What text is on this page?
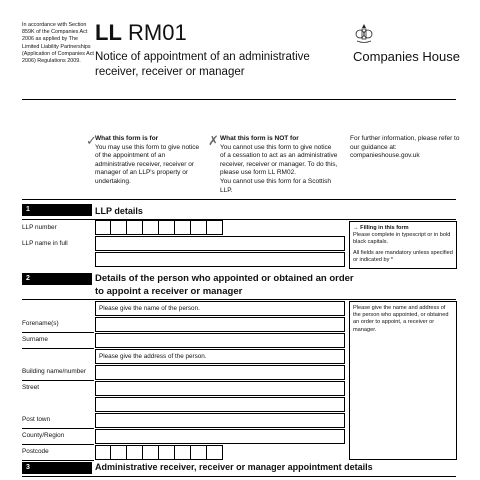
In accordance with Section 859K of the Companies Act 2006 as applied by The Limited Liability Partnerships (Application of Companies Act 2006) Regulations 2009.
LL RM01
Notice of appointment of an administrative receiver, receiver or manager
Companies House
✓
What this form is for
You may use this form to give notice of the appointment of an administrative receiver, receiver or manager of an LLP's property or undertaking.
✗ What this form is NOT for
You cannot use this form to give notice of a cessation to act as an administrative receiver, receiver or manager. To do this, please use form LL RM02.
You cannot use this form for a Scottish LLP.
For further information, please refer to our guidance at: companieshouse.gov.uk
1	LLP details
LLP number
LLP name in full
→ Filling in this form
Please complete in typescript or in bold black capitals.
All fields are mandatory unless specified or indicated by *
2	Details of the person who appointed or obtained an order to appoint a receiver or manager
Please give the name of the person.
Forename(s)
Surname
Please give the address of the person.
Building name/number
Street
Post town
County/Region
Postcode
Please give the name and address of the person who appointed, or obtained an order to appoint, a receiver or manager.
3	Administrative receiver, receiver or manager appointment details
